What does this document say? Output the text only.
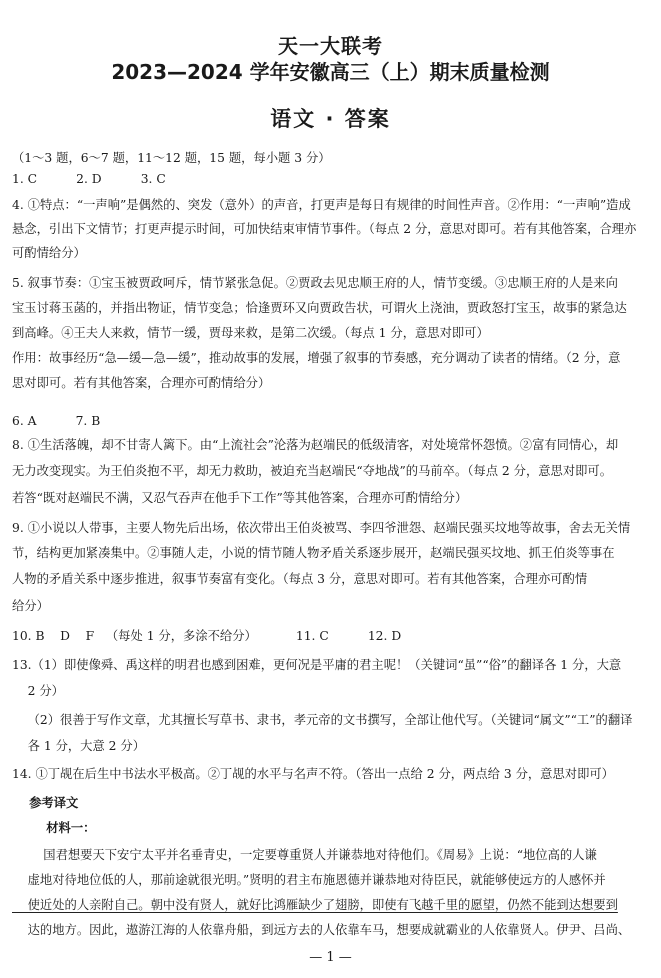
天一大联考
2023—2024 学年安徽高三（上）期末质量检测
语文 · 答案
（1～3 题，6～7 题，11～12 题，15 题，每小题 3 分）
1. C          2. D          3. C
4. ①特点：“一声响”是偶然的、突发（意外）的声音，打更声是每日有规律的时间性声音。②作用：“一声响”造成
悬念，引出下文情节；打更声提示时间，可加快结束审情节事件。（每点 2 分，意思对即可。若有其他答案，合理亦
可酌情给分）
5. 叙事节奏：①宝玉被贾政呵斥，情节紧张急促。②贾政去见忠顺王府的人，情节变缓。③忠顺王府的人是来向
宝玉讨蒋玉菡的，并指出物证，情节变急；恰逢贾环又向贾政告状，可谓火上浇油，贾政怒打宝玉，故事的紧急达
到高峰。④王夫人来救，情节一缓，贾母来救，是第二次缓。（每点 1 分，意思对即可）
作用：故事经历“急—缓—急—缓”，推动故事的发展，增强了叙事的节奏感，充分调动了读者的情绪。（2 分，意
思对即可。若有其他答案，合理亦可酌情给分）
6. A          7. B
8. ①生活落魄，却不甘寄人篱下。由“上流社会”沦落为赵端民的低级清客，对处境常怀怨愤。②富有同情心，却
无力改变现实。为王伯炎抱不平，却无力救助，被迫充当赵端民“夺地战”的马前卒。（每点 2 分，意思对即可。
若答“既对赵端民不满，又忍气吞声在他手下工作”等其他答案，合理亦可酌情给分）
9. ①小说以人带事，主要人物先后出场，依次带出王伯炎被骂、李四爷泄怨、赵端民强买坟地等故事，舍去无关情
节，结构更加紧凑集中。②事随人走，小说的情节随人物矛盾关系逐步展开，赵端民强买坟地、抓王伯炎等事在
人物的矛盾关系中逐步推进，叙事节奏富有变化。（每点 3 分，意思对即可。若有其他答案，合理亦可酌情
给分）
10. B    D    F   （每处 1 分，多涂不给分）          11. C          12. D
13.（1）即使像舜、禹这样的明君也感到困难，更何况是平庸的君主呢！（关键词“虽”“俗”的翻译各 1 分，大意
2 分）
（2）很善于写作文章，尤其擅长写草书、隶书，孝元帝的文书撰写，全部让他代写。（关键词“属文”“工”的翻译
各 1 分，大意 2 分）
14. ①丁觇在后生中书法水平极高。②丁觇的水平与名声不符。（答出一点给 2 分，两点给 3 分，意思对即可）
参考译文
材料一：
国君想要天下安宁太平并名垂青史，一定要尊重贤人并谦恭地对待他们。《周易》上说：“地位高的人谦
虚地对待地位低的人，那前途就很光明。”贤明的君主布施恩德并谦恭地对待臣民，就能够使远方的人感怀并
使近处的人亲附自己。朝中没有贤人，就好比鸿雁缺少了翅膀，即使有飞越千里的愿望，仍然不能到达想要到
达的地方。因此，遨游江海的人依靠舟船，到远方去的人依靠车马，想要成就霸业的人依靠贤人。伊尹、吕尚、
— 1 —
